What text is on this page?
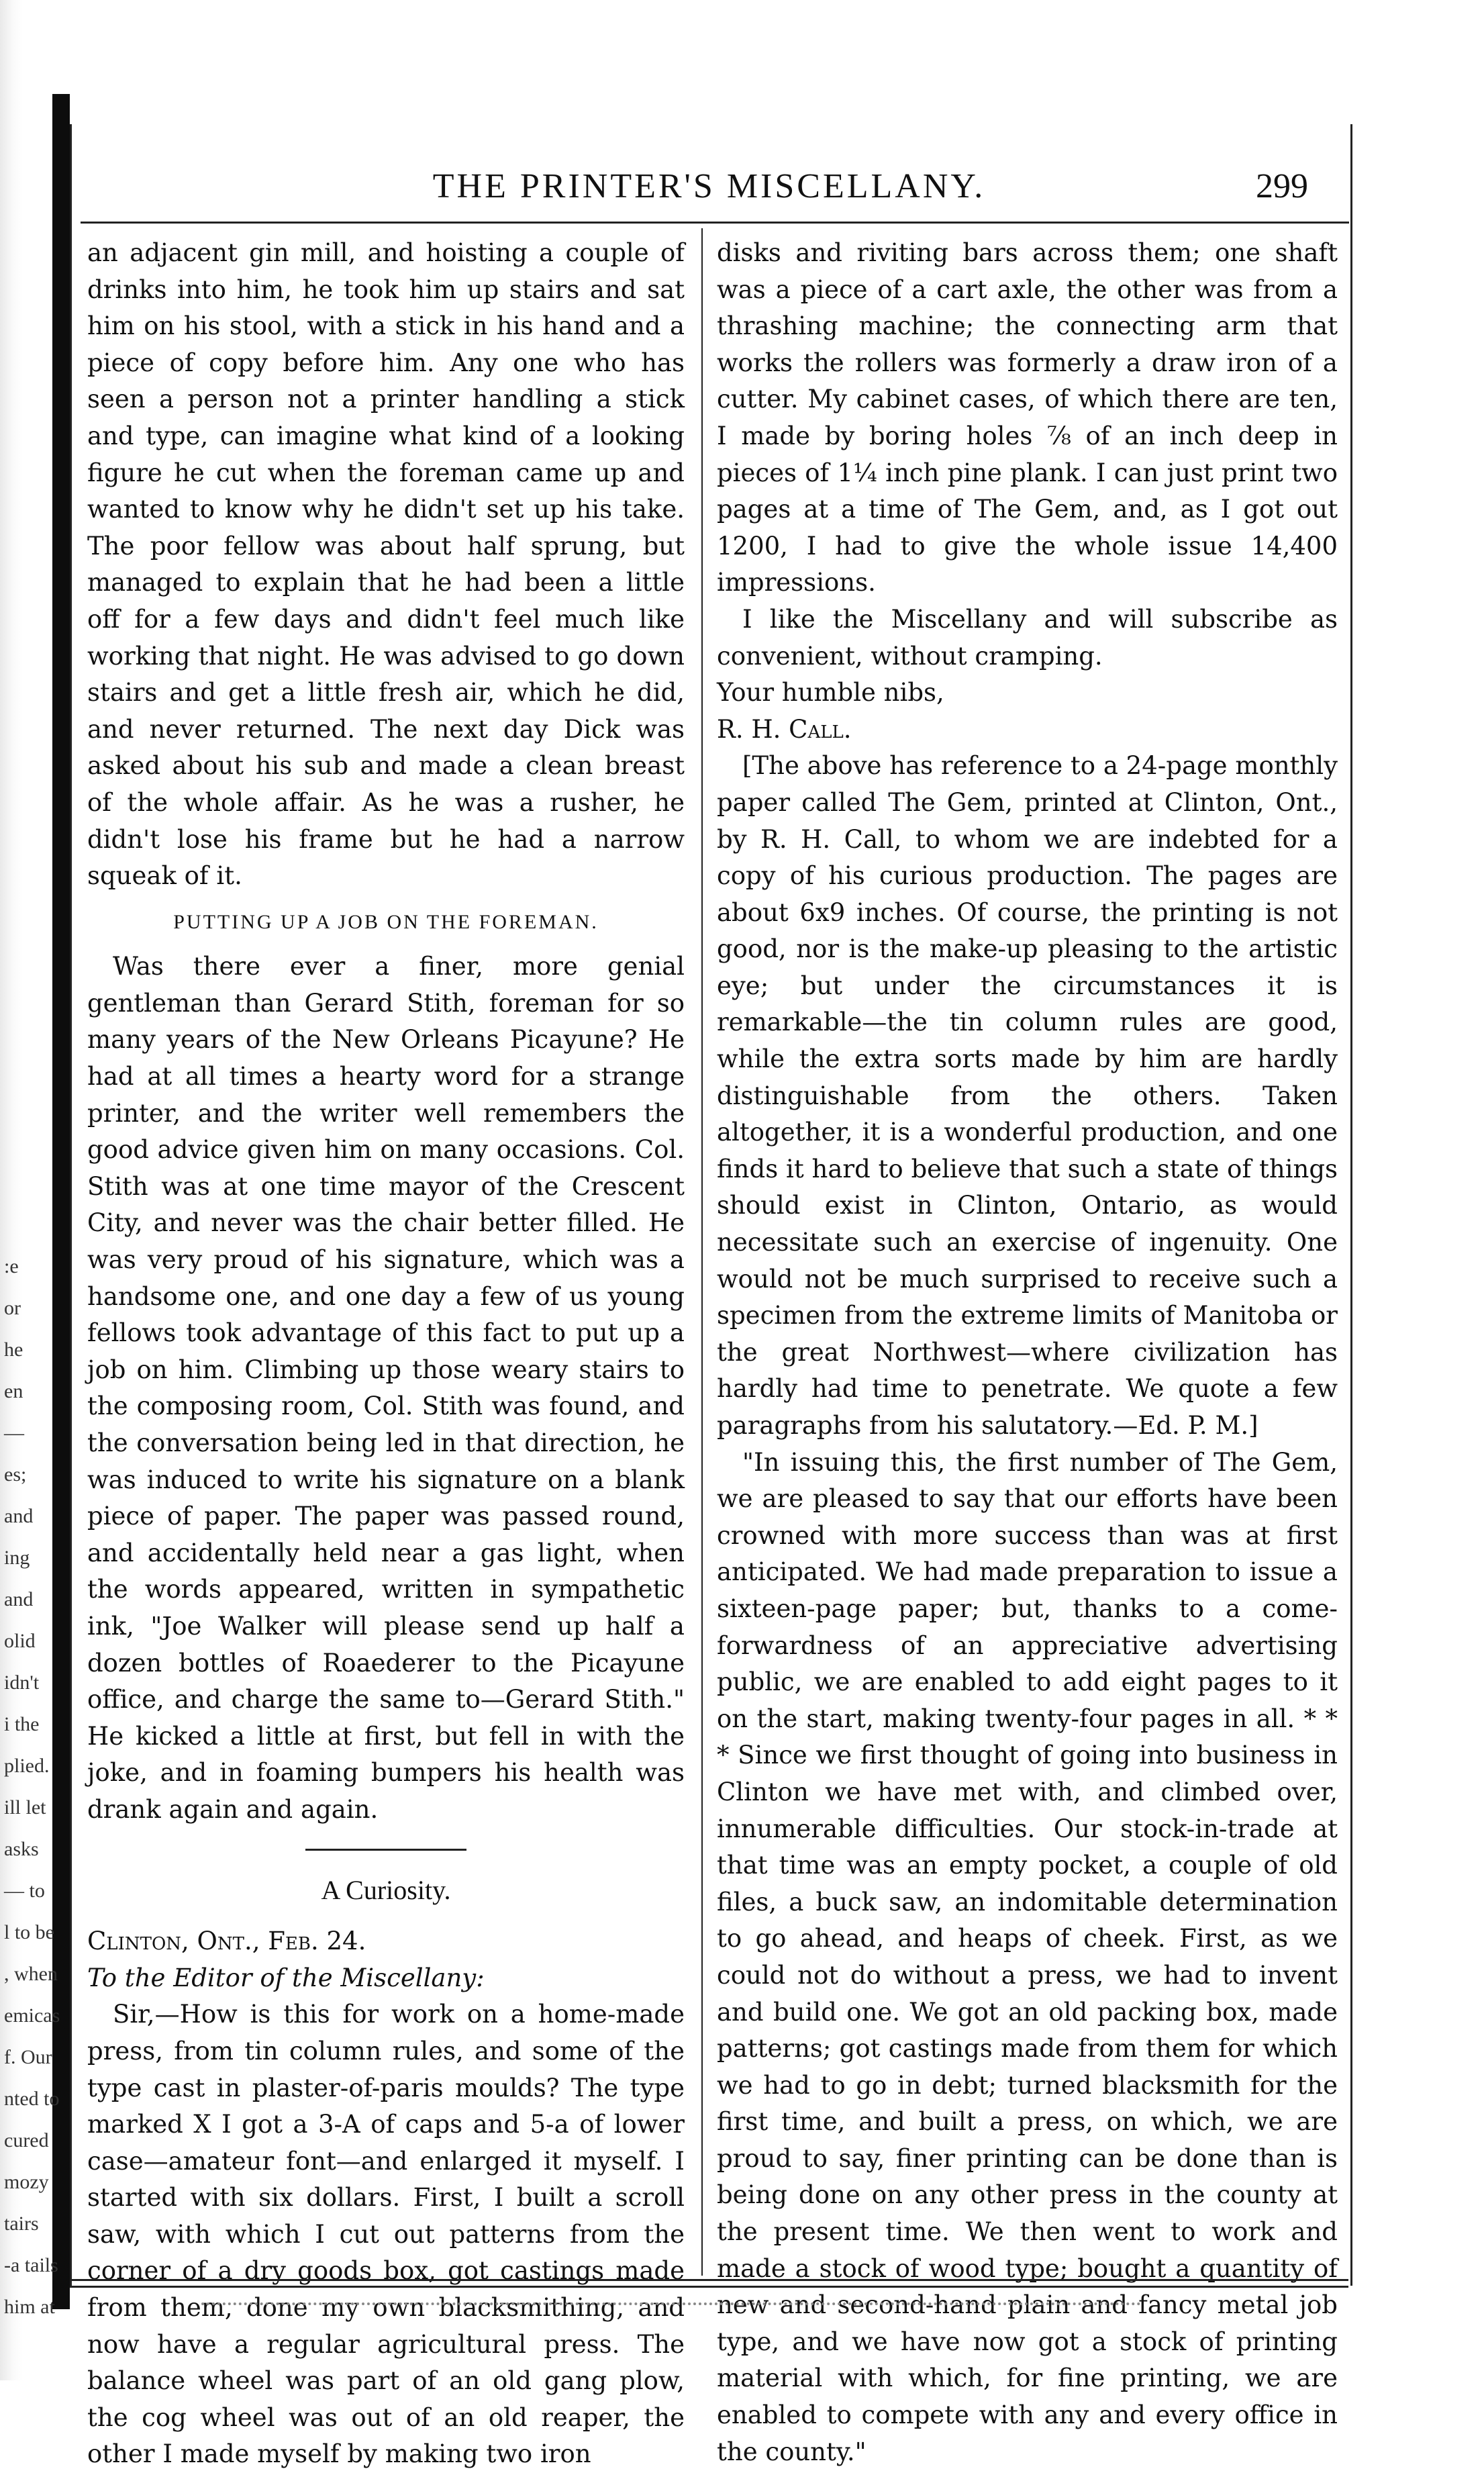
:e
or
he
en
—
es;
and
ing
and
olid
idn't
i the
plied.
ill let
asks
— to
l to be
, when
emicas
f. Our
nted to
cured
mozy
tairs
-a tails
him at
THE PRINTER'S MISCELLANY.	299

an adjacent gin mill, and hoisting a couple of drinks into him, he took him up stairs and sat him on his stool, with a stick in his hand and a piece of copy before him. Any one who has seen a person not a printer handling a stick and type, can imagine what kind of a looking figure he cut when the foreman came up and wanted to know why he didn't set up his take. The poor fellow was about half sprung, but managed to explain that he had been a little off for a few days and didn't feel much like working that night. He was advised to go down stairs and get a little fresh air, which he did, and never returned. The next day Dick was asked about his sub and made a clean breast of the whole affair. As he was a rusher, he didn't lose his frame but he had a narrow squeak of it.

PUTTING UP A JOB ON THE FOREMAN.

Was there ever a finer, more genial gentleman than Gerard Stith, foreman for so many years of the New Orleans Picayune? He had at all times a hearty word for a strange printer, and the writer well remembers the good advice given him on many occasions. Col. Stith was at one time mayor of the Crescent City, and never was the chair better filled. He was very proud of his signature, which was a handsome one, and one day a few of us young fellows took advantage of this fact to put up a job on him. Climbing up those weary stairs to the composing room, Col. Stith was found, and the conversation being led in that direction, he was induced to write his signature on a blank piece of paper. The paper was passed round, and accidentally held near a gas light, when the words appeared, written in sympathetic ink, "Joe Walker will please send up half a dozen bottles of Roaederer to the Picayune office, and charge the same to—Gerard Stith." He kicked a little at first, but fell in with the joke, and in foaming bumpers his health was drank again and again.

A Curiosity.

Clinton, Ont., Feb. 24.

To the Editor of the Miscellany:

Sir,—How is this for work on a home-made press, from tin column rules, and some of the type cast in plaster-of-paris moulds? The type marked X I got a 3-A of caps and 5-a of lower case—amateur font—and enlarged it myself. I started with six dollars. First, I built a scroll saw, with which I cut out patterns from the corner of a dry goods box, got castings made from them, done my own blacksmithing, and now have a regular agricultural press. The balance wheel was part of an old gang plow, the cog wheel was out of an old reaper, the other I made myself by making two iron

disks and riviting bars across them; one shaft was a piece of a cart axle, the other was from a thrashing machine; the connecting arm that works the rollers was formerly a draw iron of a cutter. My cabinet cases, of which there are ten, I made by boring holes ⅞ of an inch deep in pieces of 1¼ inch pine plank. I can just print two pages at a time of The Gem, and, as I got out 1200, I had to give the whole issue 14,400 impressions.

I like the Miscellany and will subscribe as convenient, without cramping.

Your humble nibs,

R. H. Call.

[The above has reference to a 24-page monthly paper called The Gem, printed at Clinton, Ont., by R. H. Call, to whom we are indebted for a copy of his curious production. The pages are about 6x9 inches. Of course, the printing is not good, nor is the make-up pleasing to the artistic eye; but under the circumstances it is remarkable—the tin column rules are good, while the extra sorts made by him are hardly distinguishable from the others. Taken altogether, it is a wonderful production, and one finds it hard to believe that such a state of things should exist in Clinton, Ontario, as would necessitate such an exercise of ingenuity. One would not be much surprised to receive such a specimen from the extreme limits of Manitoba or the great Northwest—where civilization has hardly had time to penetrate. We quote a few paragraphs from his salutatory.—Ed. P. M.]

"In issuing this, the first number of The Gem, we are pleased to say that our efforts have been crowned with more success than was at first anticipated. We had made preparation to issue a sixteen-page paper; but, thanks to a come-forwardness of an appreciative advertising public, we are enabled to add eight pages to it on the start, making twenty-four pages in all. * * * Since we first thought of going into business in Clinton we have met with, and climbed over, innumerable difficulties. Our stock-in-trade at that time was an empty pocket, a couple of old files, a buck saw, an indomitable determination to go ahead, and heaps of cheek. First, as we could not do without a press, we had to invent and build one. We got an old packing box, made patterns; got castings made from them for which we had to go in debt; turned blacksmith for the first time, and built a press, on which, we are proud to say, finer printing can be done than is being done on any other press in the county at the present time. We then went to work and made a stock of wood type; bought a quantity of new and second-hand plain and fancy metal job type, and we have now got a stock of printing material with which, for fine printing, we are enabled to compete with any and every office in the county."
